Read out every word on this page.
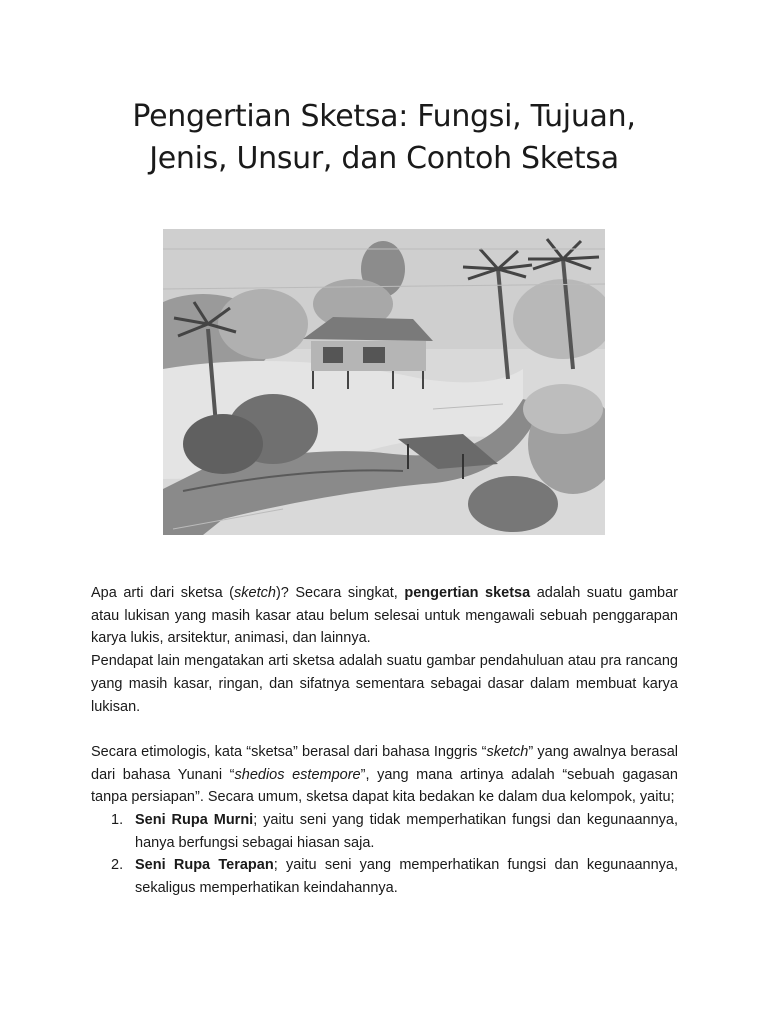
Pengertian Sketsa: Fungsi, Tujuan,
Jenis, Unsur, dan Contoh Sketsa

Apa arti dari sketsa (sketch)? Secara singkat, pengertian sketsa adalah suatu gambar atau lukisan yang masih kasar atau belum selesai untuk mengawali sebuah penggarapan karya lukis, arsitektur, animasi, dan lainnya.

Pendapat lain mengatakan arti sketsa adalah suatu gambar pendahuluan atau pra rancang yang masih kasar, ringan, dan sifatnya sementara sebagai dasar dalam membuat karya lukisan.

Secara etimologis, kata “sketsa” berasal dari bahasa Inggris “sketch” yang awalnya berasal dari bahasa Yunani “shedios estempore”, yang mana artinya adalah “sebuah gagasan tanpa persiapan”. Secara umum, sketsa dapat kita bedakan ke dalam dua kelompok, yaitu;

1. Seni Rupa Murni; yaitu seni yang tidak memperhatikan fungsi dan kegunaannya, hanya berfungsi sebagai hiasan saja.
2. Seni Rupa Terapan; yaitu seni yang memperhatikan fungsi dan kegunaannya, sekaligus memperhatikan keindahannya.
